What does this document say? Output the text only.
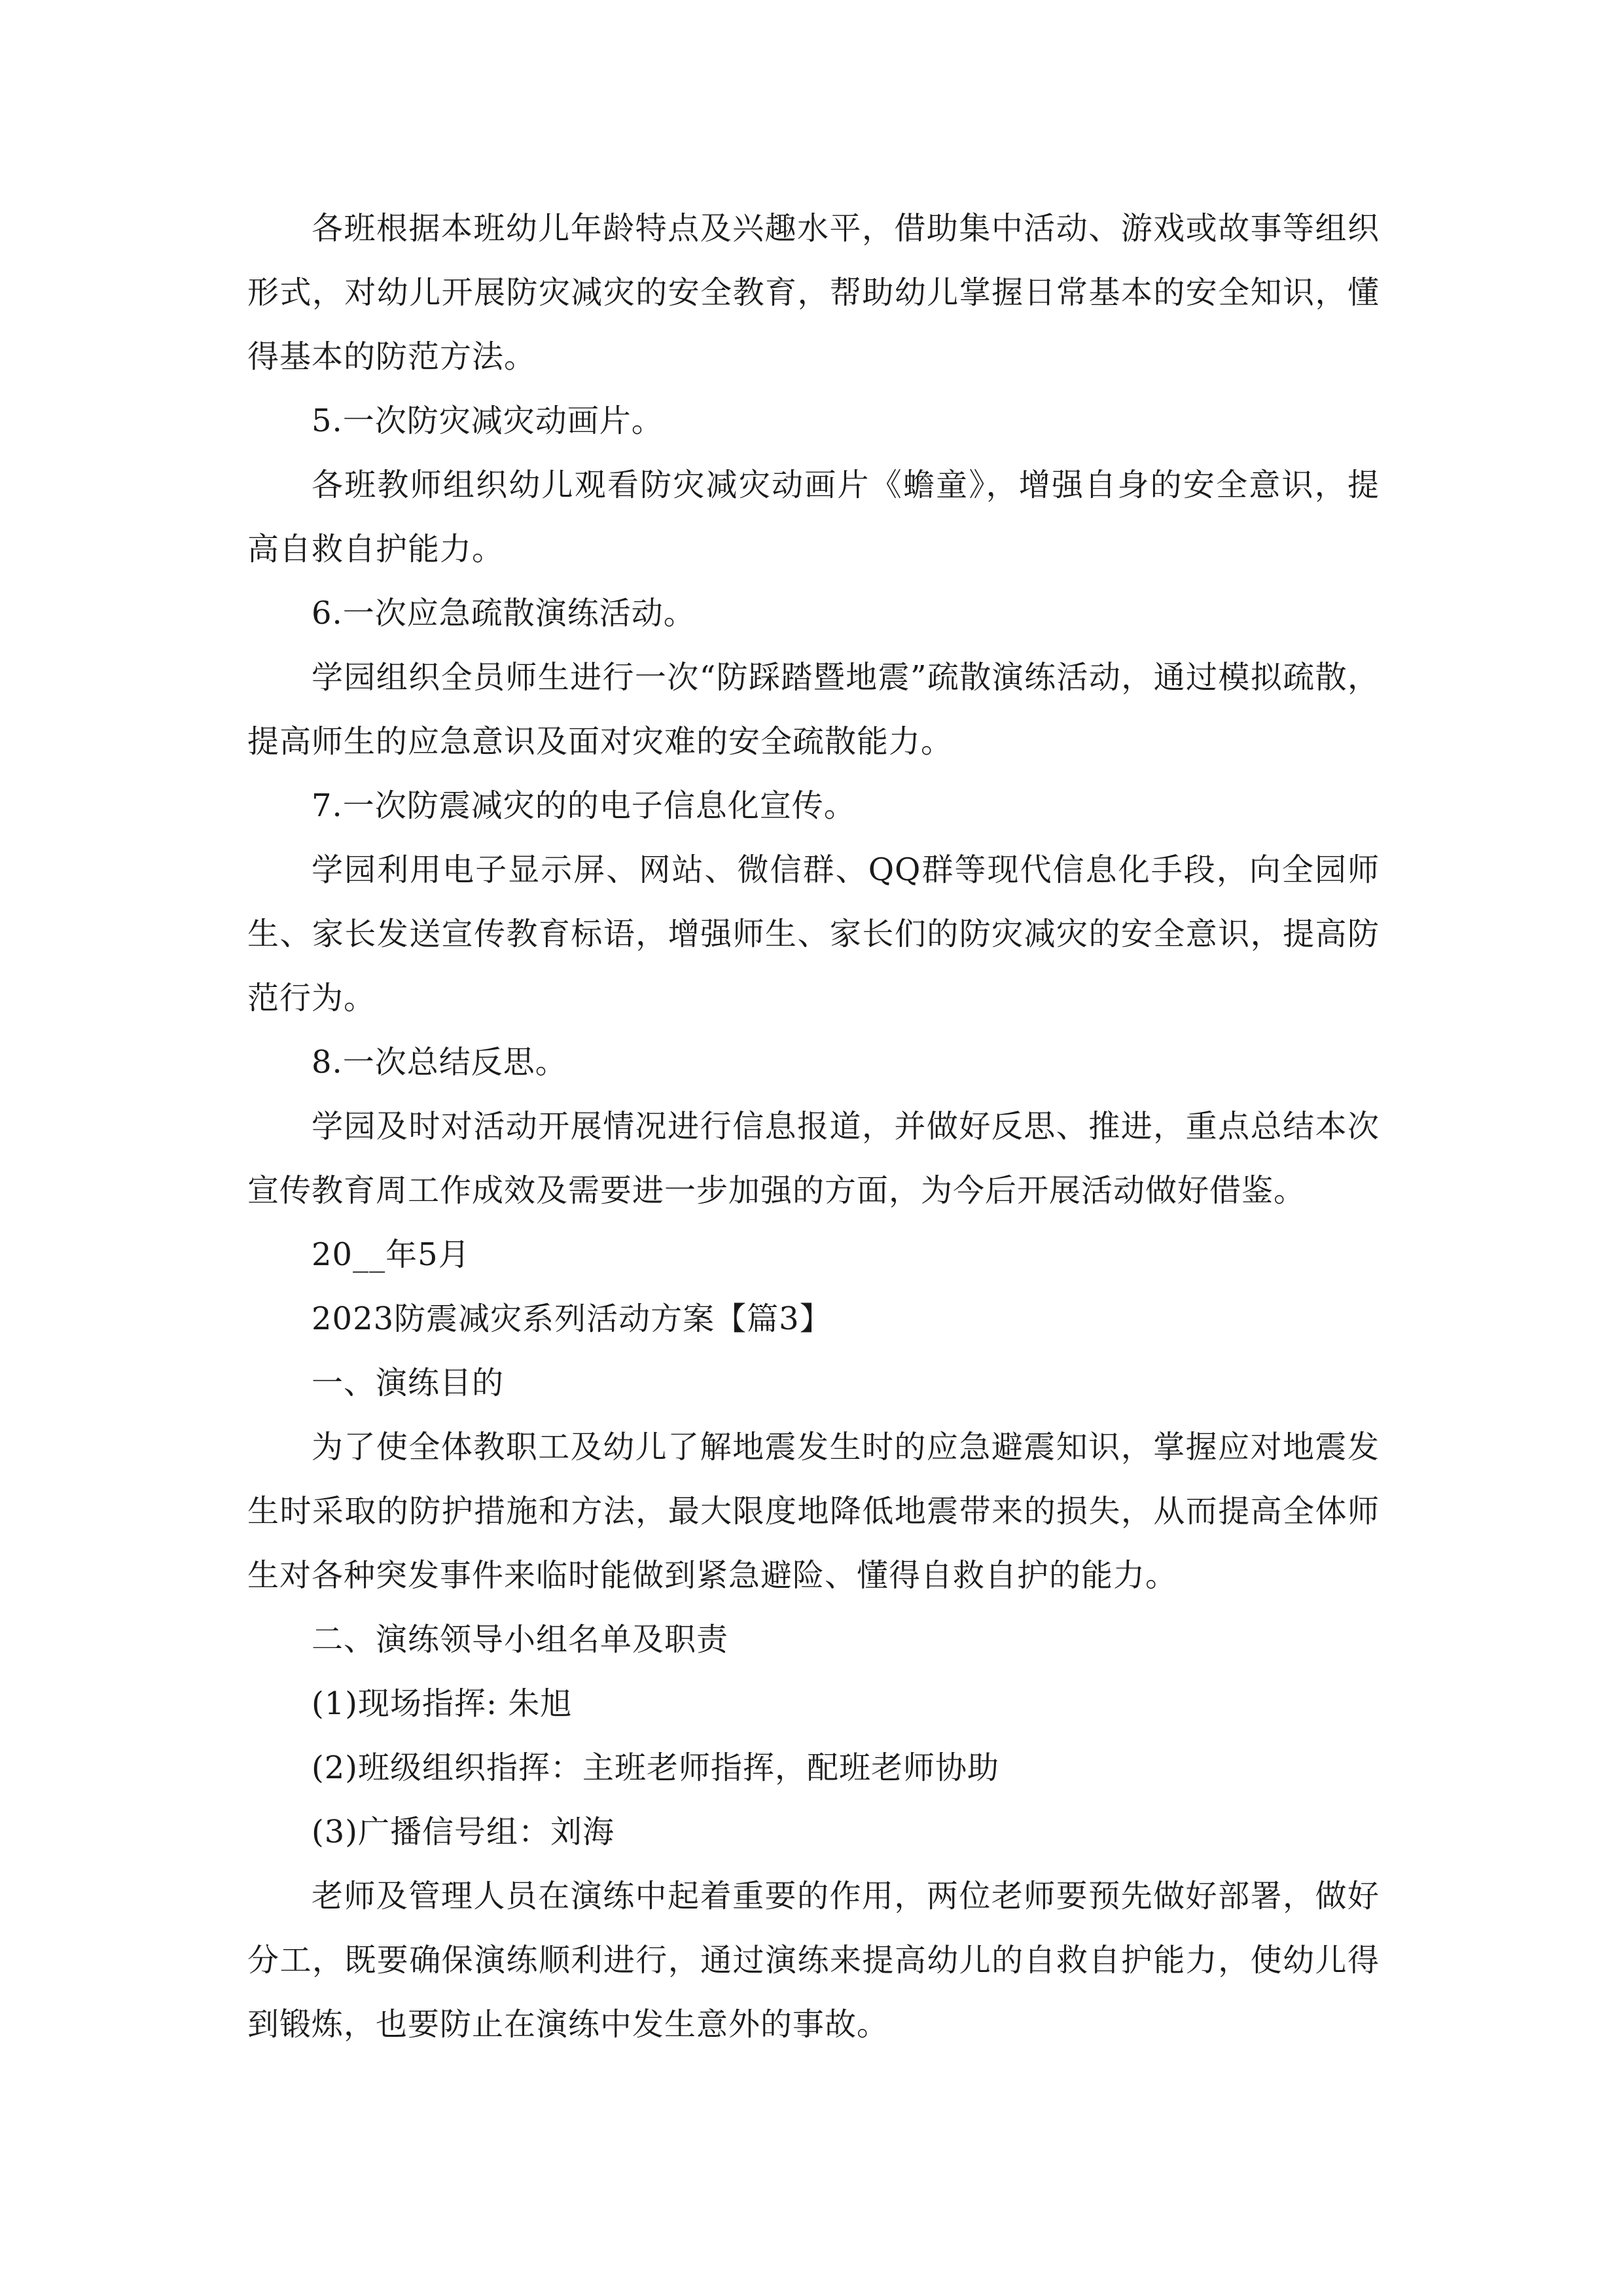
各班根据本班幼儿年龄特点及兴趣水平，借助集中活动、游戏或故事等组织形式，对幼儿开展防灾减灾的安全教育，帮助幼儿掌握日常基本的安全知识，懂得基本的防范方法。

5.一次防灾减灾动画片。

各班教师组织幼儿观看防灾减灾动画片《蟾童》，增强自身的安全意识，提高自救自护能力。

6.一次应急疏散演练活动。

学园组织全员师生进行一次“防踩踏暨地震”疏散演练活动，通过模拟疏散，提高师生的应急意识及面对灾难的安全疏散能力。

7.一次防震减灾的的电子信息化宣传。

学园利用电子显示屏、网站、微信群、QQ群等现代信息化手段，向全园师生、家长发送宣传教育标语，增强师生、家长们的防灾减灾的安全意识，提高防范行为。

8.一次总结反思。

学园及时对活动开展情况进行信息报道，并做好反思、推进，重点总结本次宣传教育周工作成效及需要进一步加强的方面，为今后开展活动做好借鉴。

20__年5月

2023防震减灾系列活动方案【篇3】

一、演练目的

为了使全体教职工及幼儿了解地震发生时的应急避震知识，掌握应对地震发生时采取的防护措施和方法，最大限度地降低地震带来的损失，从而提高全体师生对各种突发事件来临时能做到紧急避险、懂得自救自护的能力。

二、演练领导小组名单及职责

(1)现场指挥: 朱旭

(2)班级组织指挥：主班老师指挥，配班老师协助

(3)广播信号组：刘海

老师及管理人员在演练中起着重要的作用，两位老师要预先做好部署，做好分工，既要确保演练顺利进行，通过演练来提高幼儿的自救自护能力，使幼儿得到锻炼，也要防止在演练中发生意外的事故。
